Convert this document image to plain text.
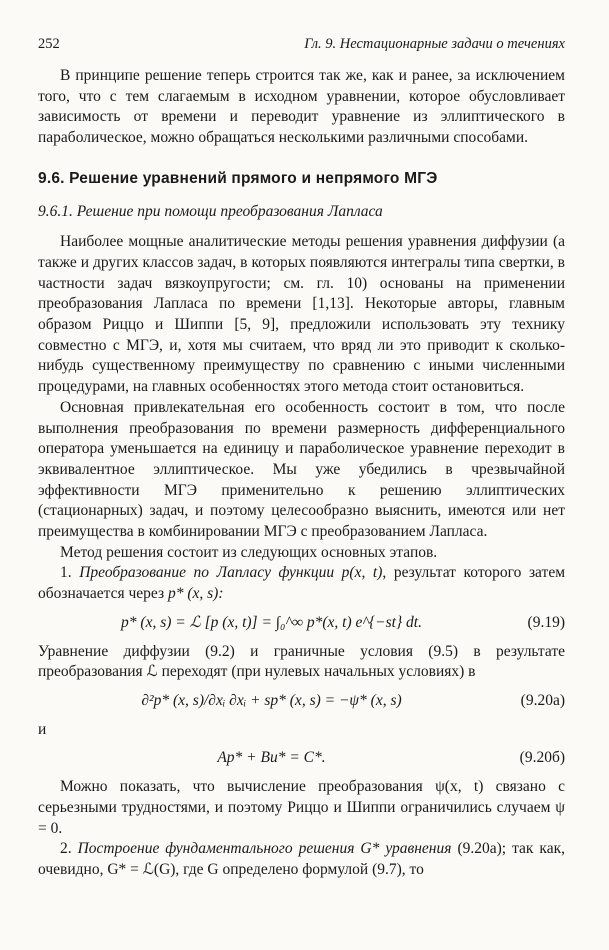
252	Гл. 9. Нестационарные задачи о течениях

В принципе решение теперь строится так же, как и ранее, за исключением того, что с тем слагаемым в исходном уравнении, которое обусловливает зависимость от времени и переводит уравнение из эллиптического в параболическое, можно обращаться несколькими различными способами.

9.6. Решение уравнений прямого и непрямого МГЭ
9.6.1. Решение при помощи преобразования Лапласа

Наиболее мощные аналитические методы решения уравнения диффузии (а также и других классов задач, в которых появляются интегралы типа свертки, в частности задач вязкоупругости; см. гл. 10) основаны на применении преобразования Лапласа по времени [1,13]. Некоторые авторы, главным образом Риццо и Шиппи [5, 9], предложили использовать эту технику совместно с МГЭ, и, хотя мы считаем, что вряд ли это приводит к сколько-нибудь существенному преимуществу по сравнению с иными численными процедурами, на главных особенностях этого метода стоит остановиться.

Основная привлекательная его особенность состоит в том, что после выполнения преобразования по времени размерность дифференциального оператора уменьшается на единицу и параболическое уравнение переходит в эквивалентное эллиптическое. Мы уже убедились в чрезвычайной эффективности МГЭ применительно к решению эллиптических (стационарных) задач, и поэтому целесообразно выяснить, имеются или нет преимущества в комбинировании МГЭ с преобразованием Лапласа.

Метод решения состоит из следующих основных этапов.

1. Преобразование по Лапласу функции p(x, t), результат которого затем обозначается через p* (x, s):

p* (x, s) = ℒ [p (x, t)] = ∫₀^∞ p*(x, t) e^{−st} dt.	(9.19)

Уравнение диффузии (9.2) и граничные условия (9.5) в результате преобразования ℒ переходят (при нулевых начальных условиях) в

∂²p* (x, s)/∂xᵢ ∂xᵢ + sp* (x, s) = −ψ* (x, s)	(9.20а)

и

Ap* + Bu* = C*.	(9.20б)

Можно показать, что вычисление преобразования ψ(x, t) связано с серьезными трудностями, и поэтому Риццо и Шиппи ограничились случаем ψ = 0.

2. Построение фундаментального решения G* уравнения (9.20а); так как, очевидно, G* = ℒ(G), где G определено формулой (9.7), то
